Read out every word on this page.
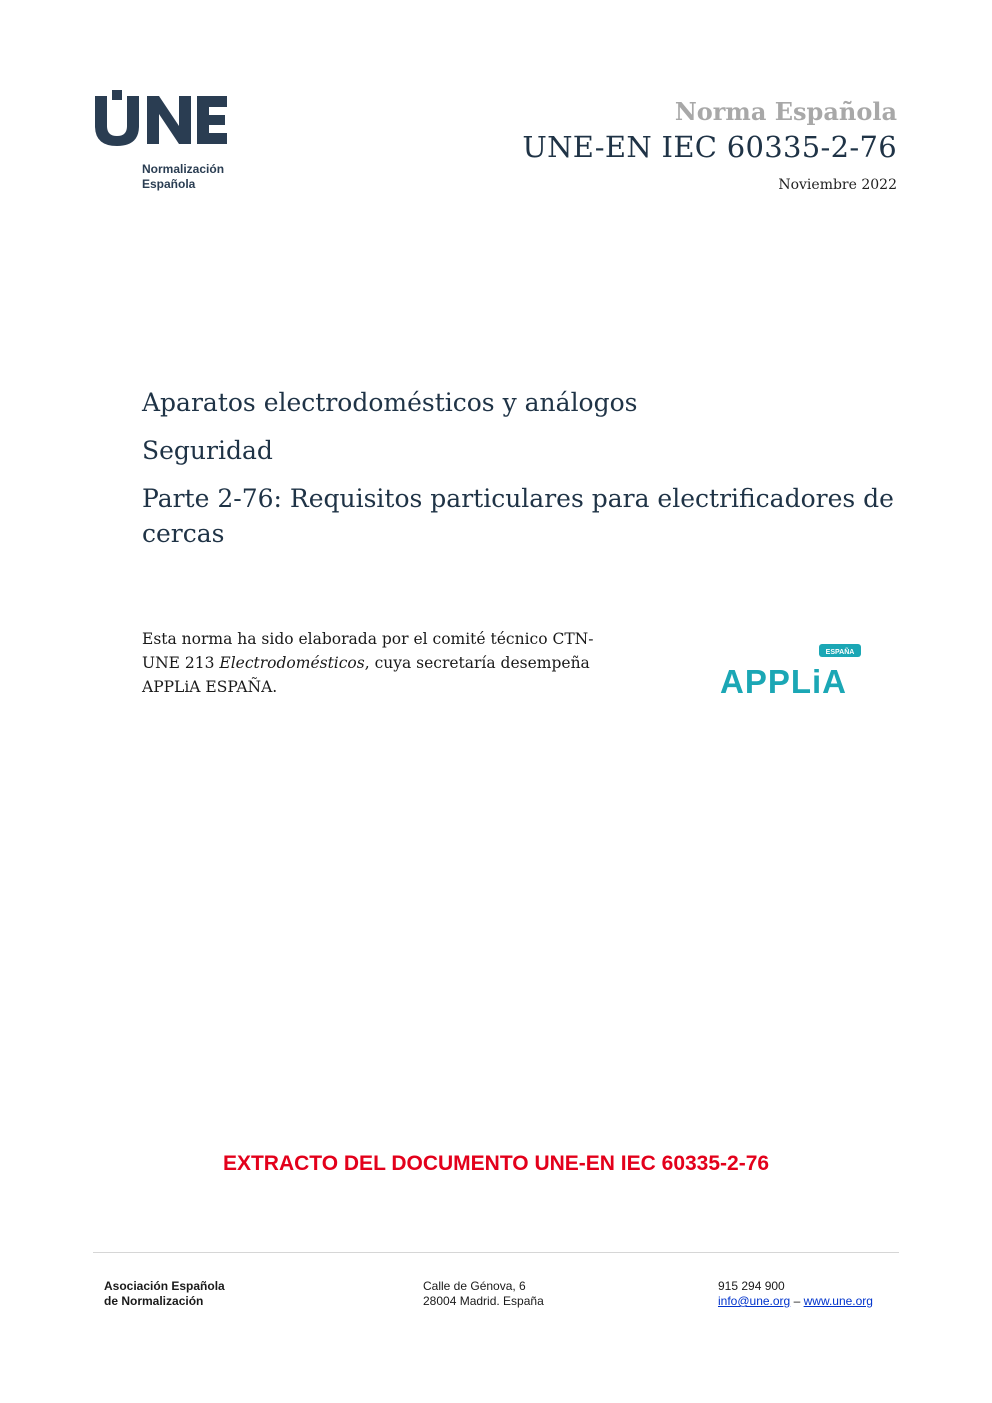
Normalización
Española
Norma Española
UNE-EN IEC 60335-2-76
Noviembre 2022
Aparatos electrodomésticos y análogos
Seguridad
Parte 2-76: Requisitos particulares para electrificadores de cercas
Esta norma ha sido elaborada por el comité técnico CTN-UNE 213 Electrodomésticos, cuya secretaría desempeña APPLiA ESPAÑA.
ESPAÑA
APPLiA
EXTRACTO DEL DOCUMENTO UNE-EN IEC 60335-2-76
Asociación Española
de Normalización
Calle de Génova, 6
28004 Madrid. España
915 294 900
info@une.org – www.une.org
